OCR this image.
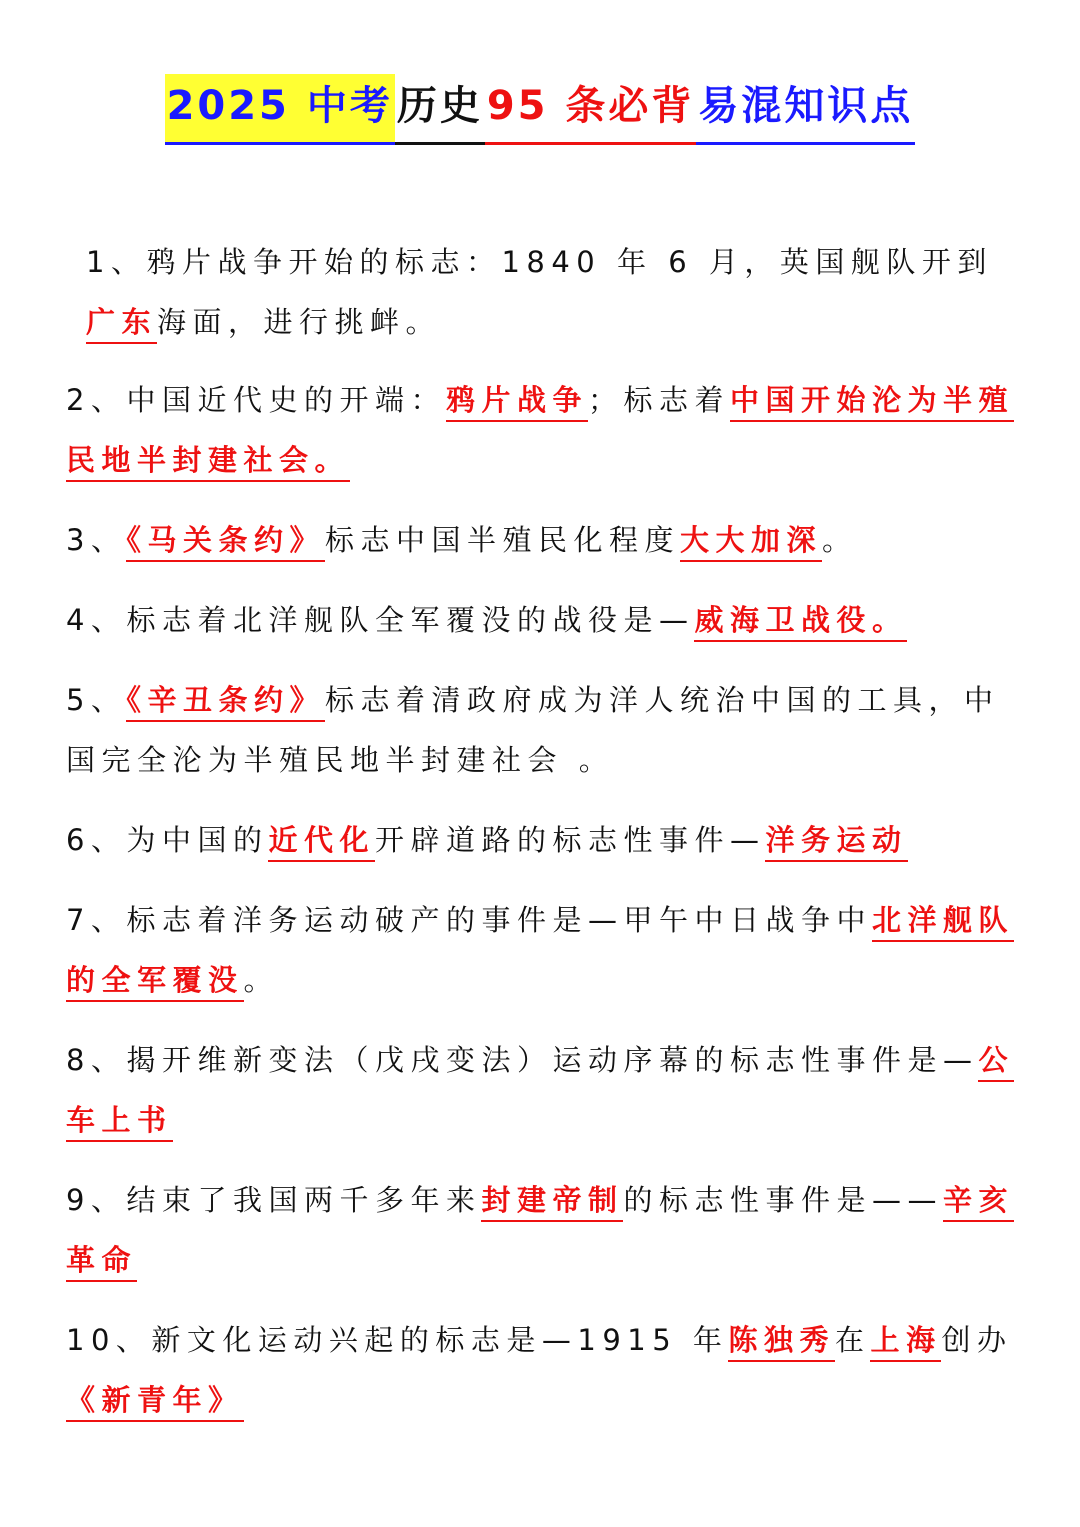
2025 中考 历史 95 条必背 易混知识点
1、鸦片战争开始的标志：1840 年 6 月，英国舰队开到广东海面，进行挑衅。
2、中国近代史的开端：鸦片战争；标志着中国开始沦为半殖民地半封建社会。
3、《马关条约》标志中国半殖民化程度大大加深。
4、标志着北洋舰队全军覆没的战役是—威海卫战役。
5、《辛丑条约》标志着清政府成为洋人统治中国的工具，中国完全沦为半殖民地半封建社会 。
6、为中国的近代化开辟道路的标志性事件—洋务运动
7、标志着洋务运动破产的事件是—甲午中日战争中北洋舰队的全军覆没。
8、揭开维新变法（戊戌变法）运动序幕的标志性事件是—公车上书
9、结束了我国两千多年来封建帝制的标志性事件是——辛亥革命
10、新文化运动兴起的标志是—1915 年陈独秀在上海创办《新青年》
